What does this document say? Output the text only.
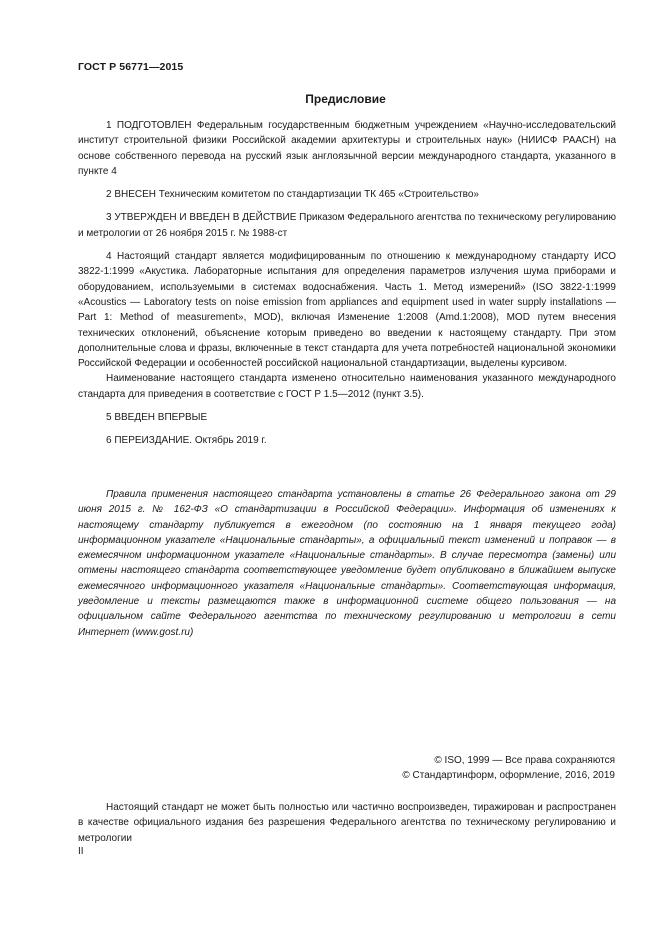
ГОСТ Р 56771—2015
Предисловие

1 ПОДГОТОВЛЕН Федеральным государственным бюджетным учреждением «Научно-исследовательский институт строительной физики Российской академии архитектуры и строительных наук» (НИИСФ РААСН) на основе собственного перевода на русский язык англоязычной версии международного стандарта, указанного в пункте 4

2 ВНЕСЕН Техническим комитетом по стандартизации ТК 465 «Строительство»

3 УТВЕРЖДЕН И ВВЕДЕН В ДЕЙСТВИЕ Приказом Федерального агентства по техническому регулированию и метрологии от 26 ноября 2015 г. № 1988-ст

4 Настоящий стандарт является модифицированным по отношению к международному стандарту ИСО 3822-1:1999 «Акустика. Лабораторные испытания для определения параметров излучения шума приборами и оборудованием, используемыми в системах водоснабжения. Часть 1. Метод измерений» (ISO 3822-1:1999 «Acoustics — Laboratory tests on noise emission from appliances and equipment used in water supply installations — Part 1: Method of measurement», MOD), включая Изменение 1:2008 (Amd.1:2008), MOD путем внесения технических отклонений, объяснение которым приведено во введении к настоящему стандарту. При этом дополнительные слова и фразы, включенные в текст стандарта для учета потребностей национальной экономики Российской Федерации и особенностей российской национальной стандартизации, выделены курсивом.

Наименование настоящего стандарта изменено относительно наименования указанного международного стандарта для приведения в соответствие с ГОСТ Р 1.5—2012 (пункт 3.5).

5 ВВЕДЕН ВПЕРВЫЕ

6 ПЕРЕИЗДАНИЕ. Октябрь 2019 г.

Правила применения настоящего стандарта установлены в статье 26 Федерального закона от 29 июня 2015 г. № 162-ФЗ «О стандартизации в Российской Федерации». Информация об изменениях к настоящему стандарту публикуется в ежегодном (по состоянию на 1 января текущего года) информационном указателе «Национальные стандарты», а официальный текст изменений и поправок — в ежемесячном информационном указателе «Национальные стандарты». В случае пересмотра (замены) или отмены настоящего стандарта соответствующее уведомление будет опубликовано в ближайшем выпуске ежемесячного информационного указателя «Национальные стандарты». Соответствующая информация, уведомление и тексты размещаются также в информационной системе общего пользования — на официальном сайте Федерального агентства по техническому регулированию и метрологии в сети Интернет (www.gost.ru)

© ISO, 1999 — Все права сохраняются
© Стандартинформ, оформление, 2016, 2019

Настоящий стандарт не может быть полностью или частично воспроизведен, тиражирован и распространен в качестве официального издания без разрешения Федерального агентства по техническому регулированию и метрологии

II
